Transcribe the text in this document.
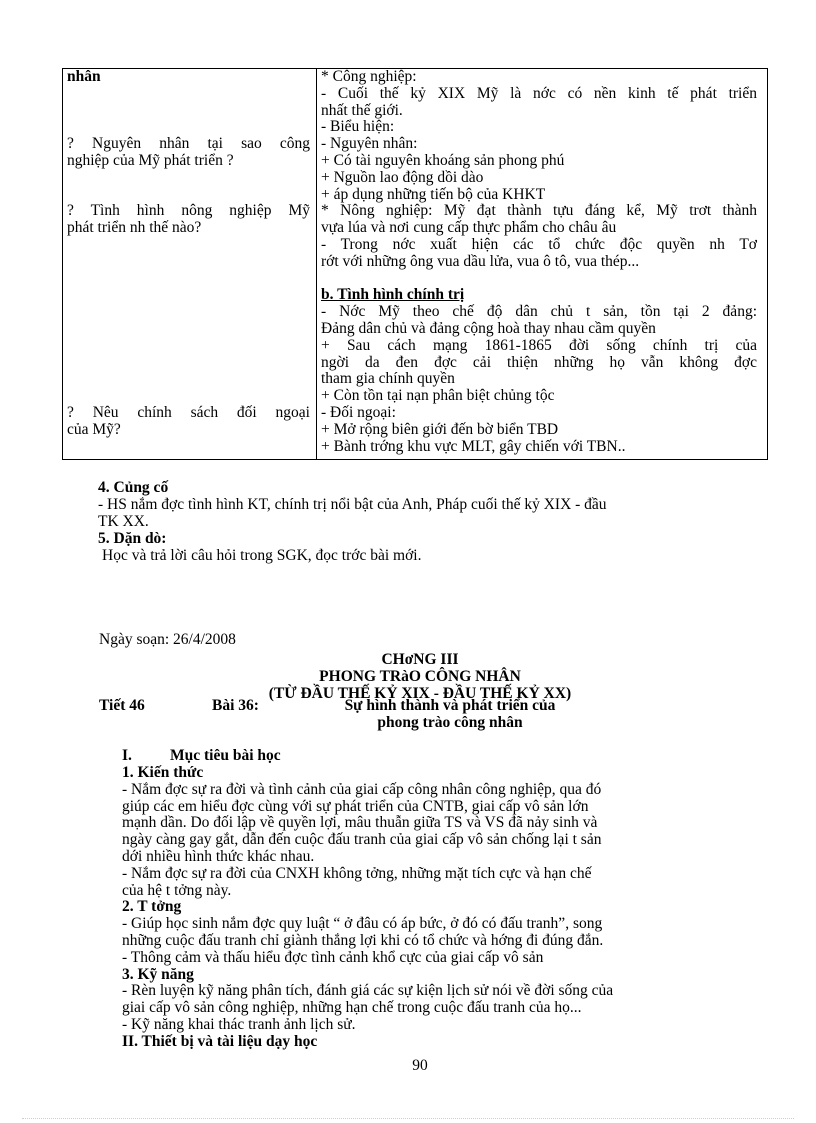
nhân
? Nguyên nhân tại sao công
nghiệp của Mỹ phát triển ?
? Tình hình nông nghiệp Mỹ
phát triển nh thế nào?
? Nêu chính sách đối ngoại
của Mỹ?
* Công nghiệp:
- Cuối thế kỷ XIX Mỹ là nớc có nền kinh tế phát triển
nhất thế giới.
- Biểu hiện:
- Nguyên nhân:
+ Có tài nguyên khoáng sản phong phú
+ Nguồn lao động dồi dào
+ áp dụng những tiến bộ của KHKT
* Nông nghiệp: Mỹ đạt thành tựu đáng kể, Mỹ trơt thành
vựa lúa và nơi cung cấp thực phẩm cho châu âu
- Trong nớc xuất hiện các tổ chức độc quyền nh Tơ
rớt với những ông vua dầu lửa, vua ô tô, vua thép...
b. Tình hình chính trị
- Nớc Mỹ theo chế độ dân chủ t sản, tồn tại 2 đảng:
Đảng dân chủ và đảng cộng hoà thay nhau cầm quyền
+ Sau cách mạng 1861-1865 đời sống chính trị của
ngời da đen đợc cải thiện những họ vẫn không đợc
tham gia chính quyền
+ Còn tồn tại nạn phân biệt chủng tộc
- Đối ngoại:
+ Mở rộng biên giới đến bờ biển TBD
+ Bành trớng khu vực MLT, gây chiến với TBN..
4. Củng cố
- HS nắm đợc tình hình KT, chính trị nổi bật của Anh, Pháp cuối thế kỷ XIX - đầu
TK XX.
5. Dặn dò:
Học và trả lời câu hỏi trong SGK, đọc trớc bài mới.
Ngày soạn: 26/4/2008
CHơNG III
PHONG TRàO CÔNG NHÂN
(TỪ ĐẦU THẾ KỶ XIX - ĐẦU THẾ KỶ XX)
Tiết 46	Bài 36:	Sự hình thành và phát triển của
phong trào công nhân
I. Mục tiêu bài học
1. Kiến thức
- Nắm đợc sự ra đời và tình cảnh của giai cấp công nhân công nghiệp, qua đó
giúp các em hiểu đợc cùng với sự phát triển của CNTB, giai cấp vô sản lớn
mạnh dần. Do đối lập về quyền lợi, mâu thuẫn giữa TS và VS đã nảy sinh và
ngày càng gay gắt, dẫn đến cuộc đấu tranh của giai cấp vô sản chống lại t sản
dới nhiều hình thức khác nhau.
- Nắm đợc sự ra đời của CNXH không tởng, những mặt tích cực và hạn chế
của hệ t tởng này.
2. T tởng
- Giúp học sinh nắm đợc quy luật “ ở đâu có áp bức, ở đó có đấu tranh”, song
những cuộc đấu tranh chỉ giành thắng lợi khi có tổ chức và hớng đi đúng đắn.
- Thông cảm và thấu hiểu đợc tình cảnh khổ cực của giai cấp vô sản
3. Kỹ năng
- Rèn luyện kỹ năng phân tích, đánh giá các sự kiện lịch sử nói về đời sống của
giai cấp vô sản công nghiệp, những hạn chế trong cuộc đấu tranh của họ...
- Kỹ năng khai thác tranh ảnh lịch sử.
II. Thiết bị và tài liệu dạy học
90
